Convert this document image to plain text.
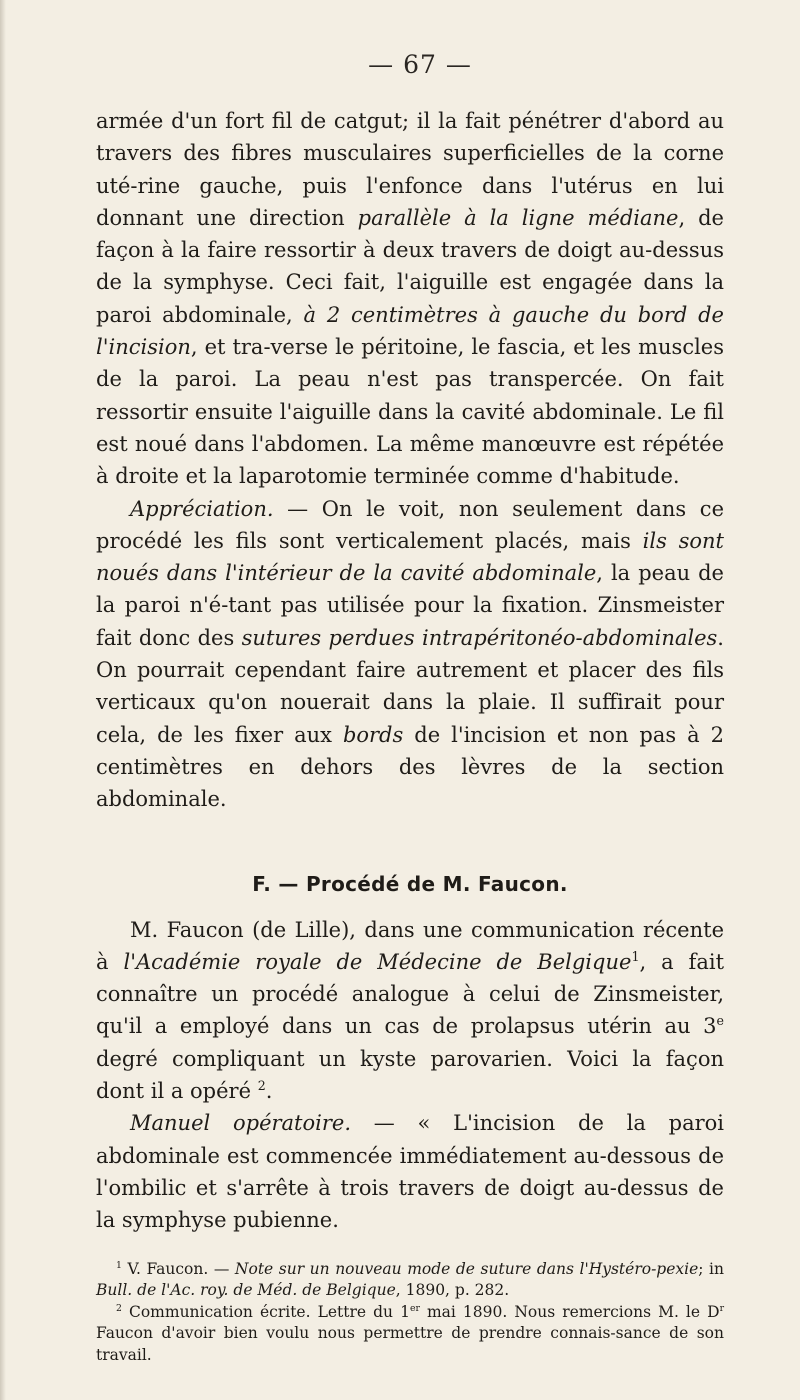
— 67 —

armée d'un fort fil de catgut; il la fait pénétrer d'abord au travers des fibres musculaires superficielles de la corne uté-rine gauche, puis l'enfonce dans l'utérus en lui donnant une direction parallèle à la ligne médiane, de façon à la faire ressortir à deux travers de doigt au-dessus de la symphyse. Ceci fait, l'aiguille est engagée dans la paroi abdominale, à 2 centimètres à gauche du bord de l'incision, et tra-verse le péritoine, le fascia, et les muscles de la paroi. La peau n'est pas transpercée. On fait ressortir ensuite l'aiguille dans la cavité abdominale. Le fil est noué dans l'abdomen. La même manœuvre est répétée à droite et la laparotomie terminée comme d'habitude.

Appréciation. — On le voit, non seulement dans ce procédé les fils sont verticalement placés, mais ils sont noués dans l'intérieur de la cavité abdominale, la peau de la paroi n'é-tant pas utilisée pour la fixation. Zinsmeister fait donc des sutures perdues intrapéritonéo-abdominales. On pourrait cependant faire autrement et placer des fils verticaux qu'on nouerait dans la plaie. Il suffirait pour cela, de les fixer aux bords de l'incision et non pas à 2 centimètres en dehors des lèvres de la section abdominale.

F. — Procédé de M. Faucon.

M. Faucon (de Lille), dans une communication récente à l'Académie royale de Médecine de Belgique$^1$, a fait connaître un procédé analogue à celui de Zinsmeister, qu'il a employé dans un cas de prolapsus utérin au 3e degré compliquant un kyste parovarien. Voici la façon dont il a opéré $^2$.

Manuel opératoire. — « L'incision de la paroi abdominale est commencée immédiatement au-dessous de l'ombilic et s'arrête à trois travers de doigt au-dessus de la symphyse pubienne.

$^1$ V. Faucon. — Note sur un nouveau mode de suture dans l'Hystéro-pexie; in Bull. de l'Ac. roy. de Méd. de Belgique, 1890, p. 282.

$^2$ Communication écrite. Lettre du 1er mai 1890. Nous remercions M. le $D^r$ Faucon d'avoir bien voulu nous permettre de prendre connais-sance de son travail.
